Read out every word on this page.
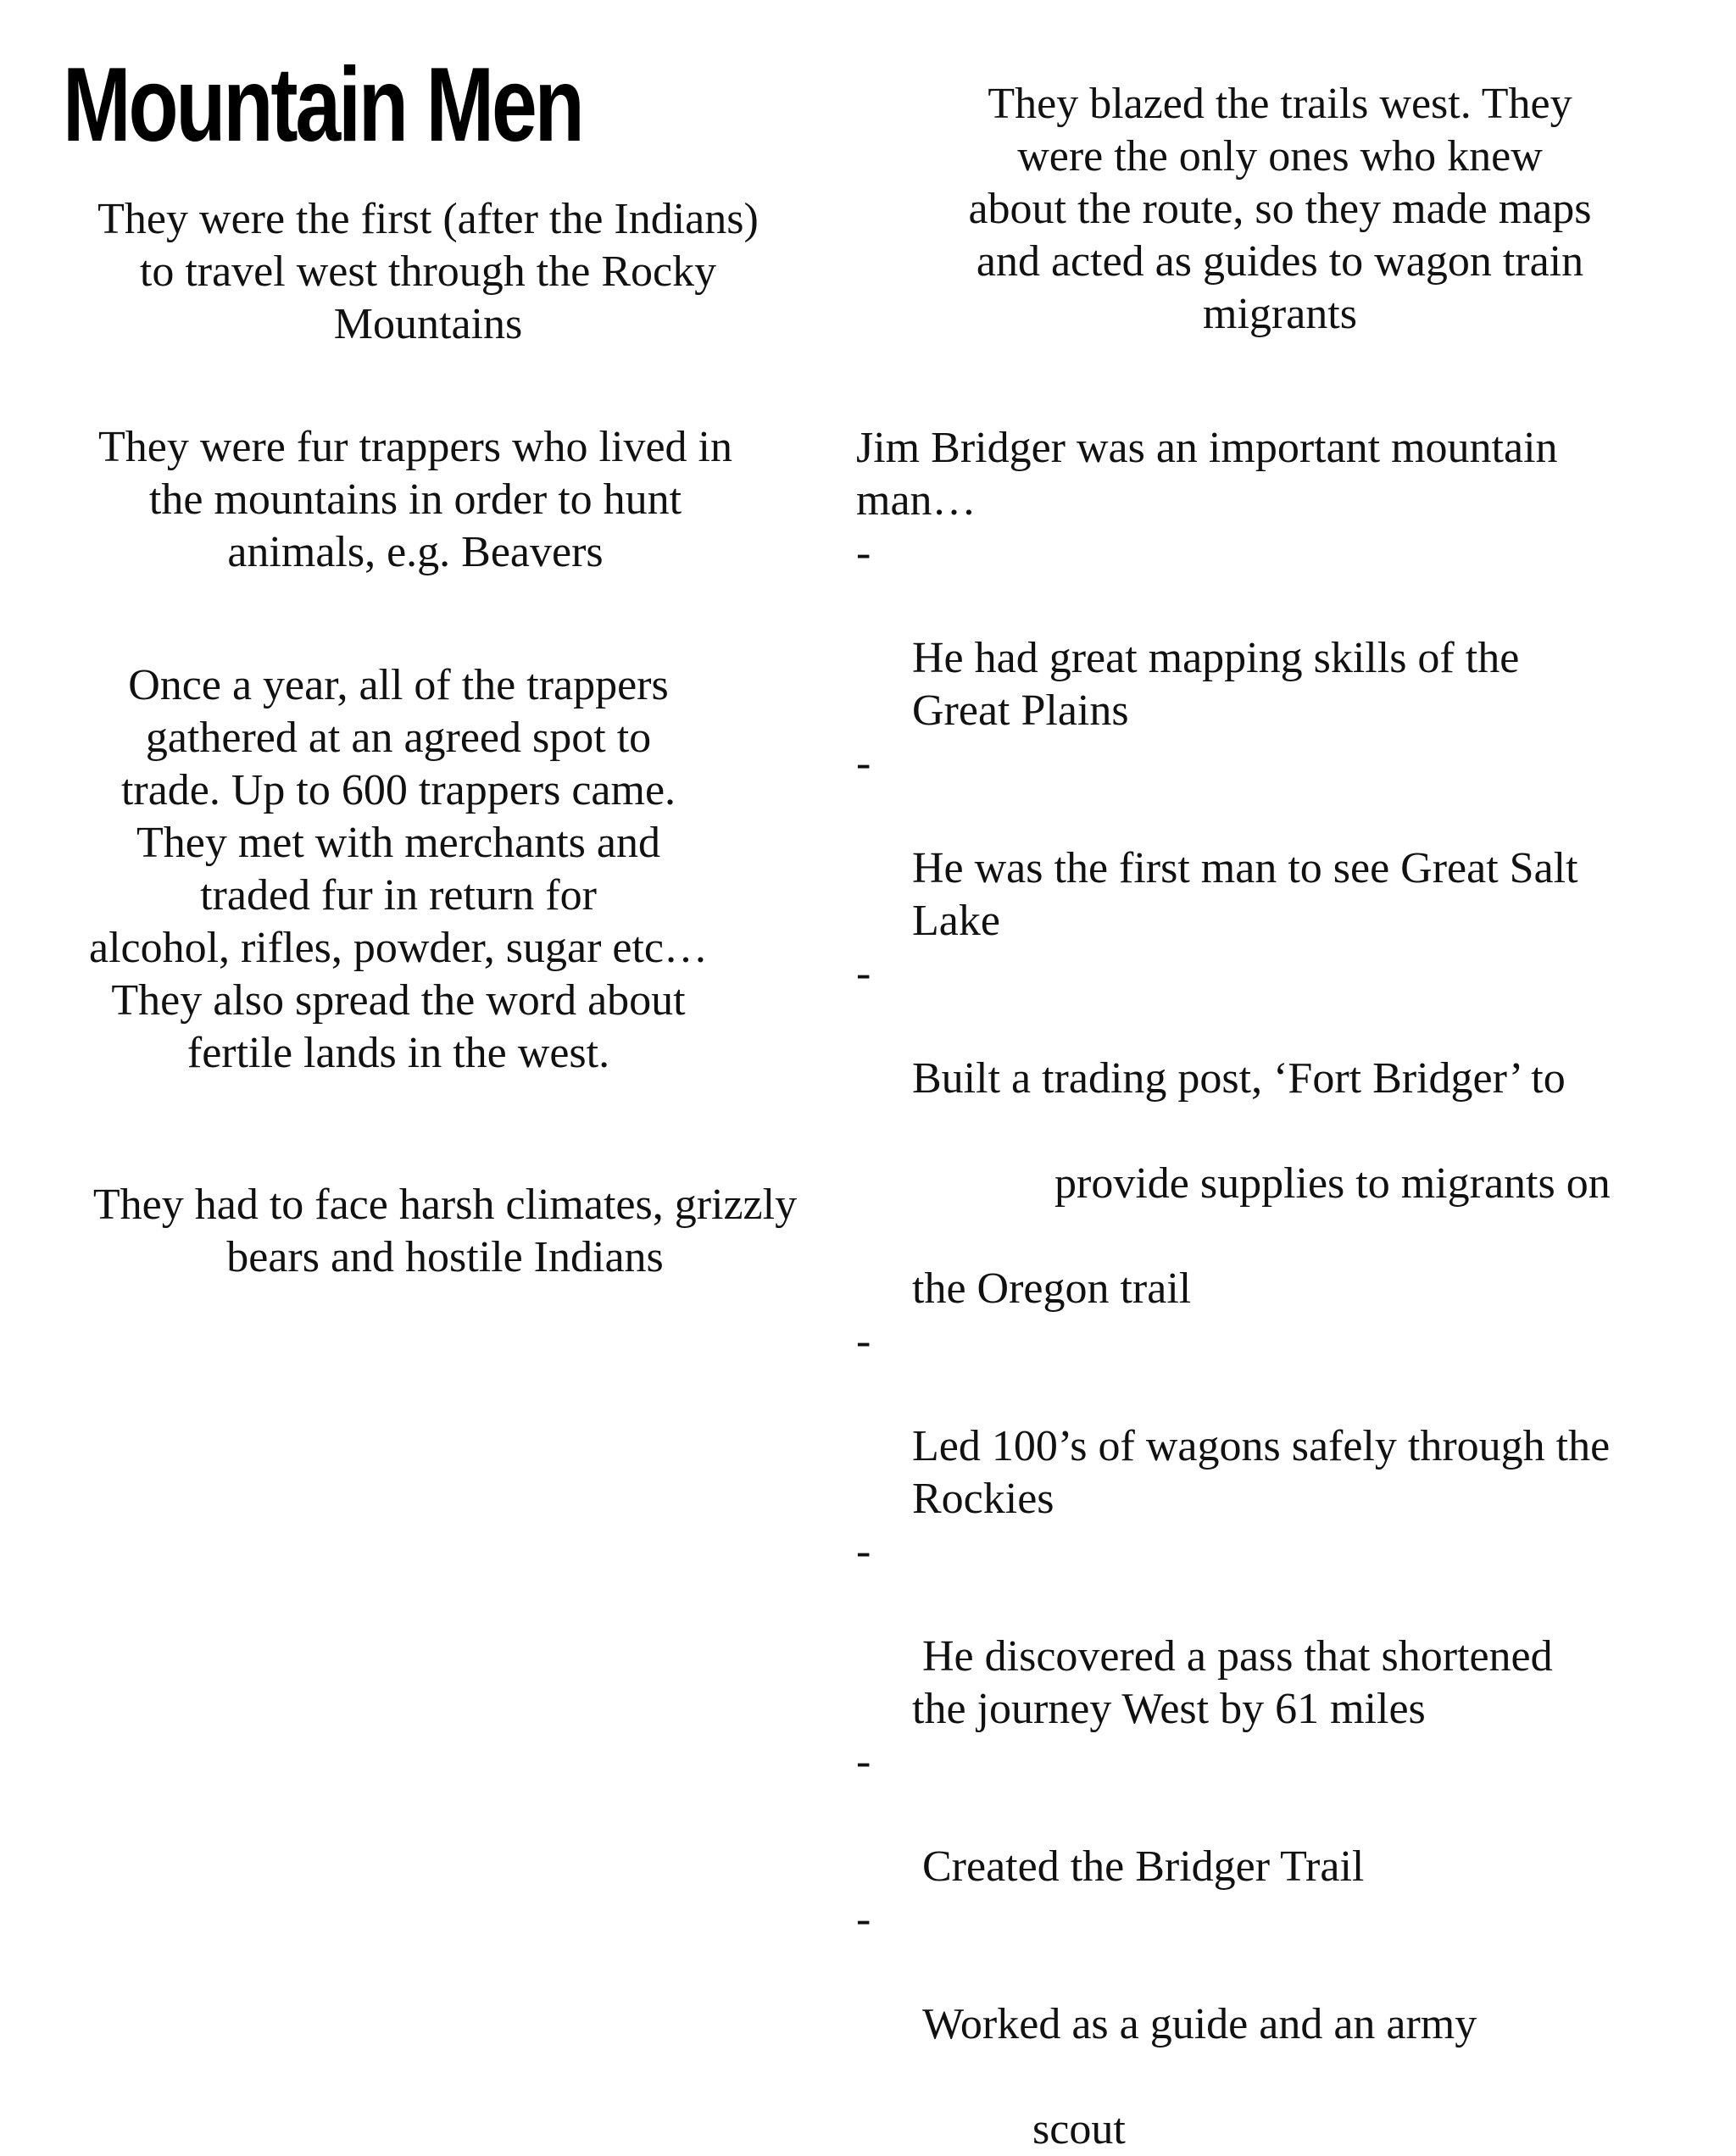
Mountain Men

They were the first (after the Indians)
to travel west through the Rocky
Mountains

They were fur trappers who lived in
the mountains in order to hunt
animals, e.g. Beavers

Once a year, all of the trappers
gathered at an agreed spot to
trade. Up to 600 trappers came.
They met with merchants and
traded fur in return for
alcohol, rifles, powder, sugar etc…
They also spread the word about
fertile lands in the west.

They had to face harsh climates, grizzly
bears and hostile Indians

They blazed the trails west. They
were the only ones who knew
about the route, so they made maps
and acted as guides to wagon train
migrants

Jim Bridger was an important mountain
man…

-

He had great mapping skills of the
Great Plains

-

He was the first man to see Great Salt
Lake

-

Built a trading post, ‘Fort Bridger’ to

provide supplies to migrants on

the Oregon trail

-

Led 100’s of wagons safely through the
Rockies

-

He discovered a pass that shortened
the journey West by 61 miles

-

Created the Bridger Trail

-

Worked as a guide and an army

scout
